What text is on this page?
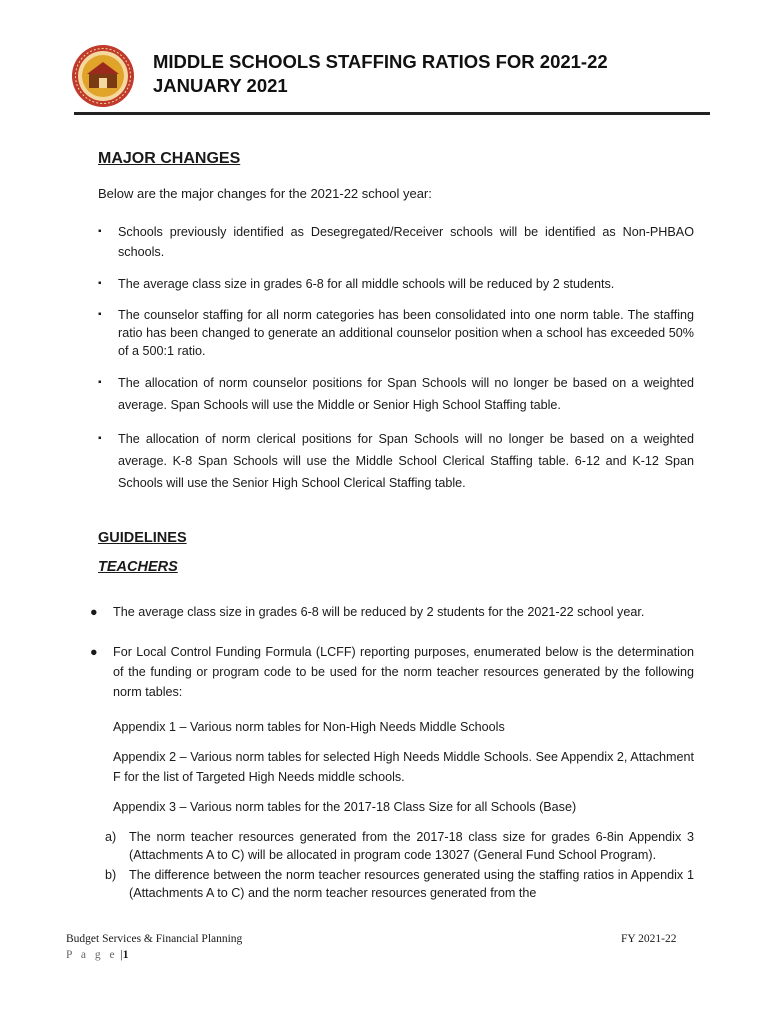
MIDDLE SCHOOLS STAFFING RATIOS FOR 2021-22
JANUARY 2021
MAJOR CHANGES
Below are the major changes for the 2021-22 school year:
▪ Schools previously identified as Desegregated/Receiver schools will be identified as Non-PHBAO schools.
▪ The average class size in grades 6-8 for all middle schools will be reduced by 2 students.
▪ The counselor staffing for all norm categories has been consolidated into one norm table. The staffing ratio has been changed to generate an additional counselor position when a school has exceeded 50% of a 500:1 ratio.
▪ The allocation of norm counselor positions for Span Schools will no longer be based on a weighted average. Span Schools will use the Middle or Senior High School Staffing table.
▪ The allocation of norm clerical positions for Span Schools will no longer be based on a weighted average. K-8 Span Schools will use the Middle School Clerical Staffing table. 6-12 and K-12 Span Schools will use the Senior High School Clerical Staffing table.
GUIDELINES
TEACHERS
● The average class size in grades 6-8 will be reduced by 2 students for the 2021-22 school year.
● For Local Control Funding Formula (LCFF) reporting purposes, enumerated below is the determination of the funding or program code to be used for the norm teacher resources generated by the following norm tables:
Appendix 1 – Various norm tables for Non-High Needs Middle Schools
Appendix 2 – Various norm tables for selected High Needs Middle Schools. See Appendix 2, Attachment F for the list of Targeted High Needs middle schools.
Appendix 3 – Various norm tables for the 2017-18 Class Size for all Schools (Base)
a) The norm teacher resources generated from the 2017-18 class size for grades 6-8in Appendix 3 (Attachments A to C) will be allocated in program code 13027 (General Fund School Program).
b) The difference between the norm teacher resources generated using the staffing ratios in Appendix 1 (Attachments A to C) and the norm teacher resources generated from the
Budget Services & Financial Planning	FY 2021-22
P a g e |1
